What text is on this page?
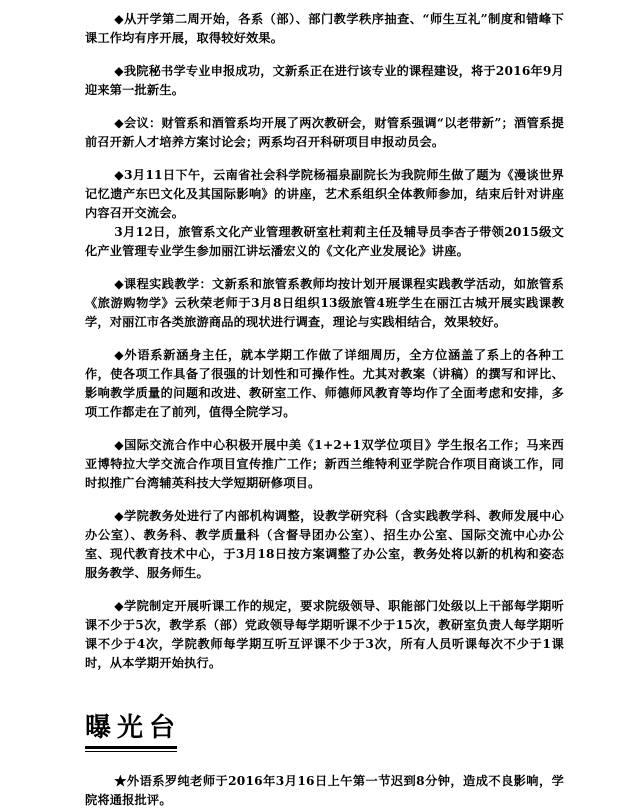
◆从开学第二周开始，各系（部）、部门教学秩序抽查、“师生互礼”制度和错峰下课工作均有序开展，取得较好效果。

◆我院秘书学专业申报成功，文新系正在进行该专业的课程建设，将于2016年9月迎来第一批新生。

◆会议：财管系和酒管系均开展了两次教研会，财管系强调“以老带新”；酒管系提前召开新人才培养方案讨论会；两系均召开科研项目申报动员会。

◆3月11日下午，云南省社会科学院杨福泉副院长为我院师生做了题为《漫谈世界记忆遗产东巴文化及其国际影响》的讲座，艺术系组织全体教师参加，结束后针对讲座内容召开交流会。

3月12日，旅管系文化产业管理教研室杜莉莉主任及辅导员李杏子带领2015级文化产业管理专业学生参加丽江讲坛潘宏义的《文化产业发展论》讲座。

◆课程实践教学：文新系和旅管系教师均按计划开展课程实践教学活动，如旅管系《旅游购物学》云秋荣老师于3月8日组织13级旅管4班学生在丽江古城开展实践课教学，对丽江市各类旅游商品的现状进行调查，理论与实践相结合，效果较好。

◆外语系新涵身主任，就本学期工作做了详细周历，全方位涵盖了系上的各种工作，使各项工作具备了很强的计划性和可操作性。尤其对教案（讲稿）的撰写和评比、影响教学质量的问题和改进、教研室工作、师德师风教育等均作了全面考虑和安排，多项工作都走在了前列，值得全院学习。

◆国际交流合作中心积极开展中美《1+2+1双学位项目》学生报名工作；马来西亚博特拉大学交流合作项目宣传推广工作；新西兰维特利亚学院合作项目商谈工作，同时拟推广台湾辅英科技大学短期研修项目。

◆学院教务处进行了内部机构调整，设教学研究科（含实践教学科、教师发展中心办公室）、教务科、教学质量科（含督导团办公室）、招生办公室、国际交流中心办公室、现代教育技术中心，于3月18日按方案调整了办公室，教务处将以新的机构和姿态服务教学、服务师生。

◆学院制定开展听课工作的规定，要求院级领导、职能部门处级以上干部每学期听课不少于5次，教学系（部）党政领导每学期听课不少于15次，教研室负责人每学期听课不少于4次，学院教师每学期互听互评课不少于3次，所有人员听课每次不少于1课时，从本学期开始执行。

曝光台

★外语系罗纯老师于2016年3月16日上午第一节迟到8分钟，造成不良影响，学院将通报批评。
